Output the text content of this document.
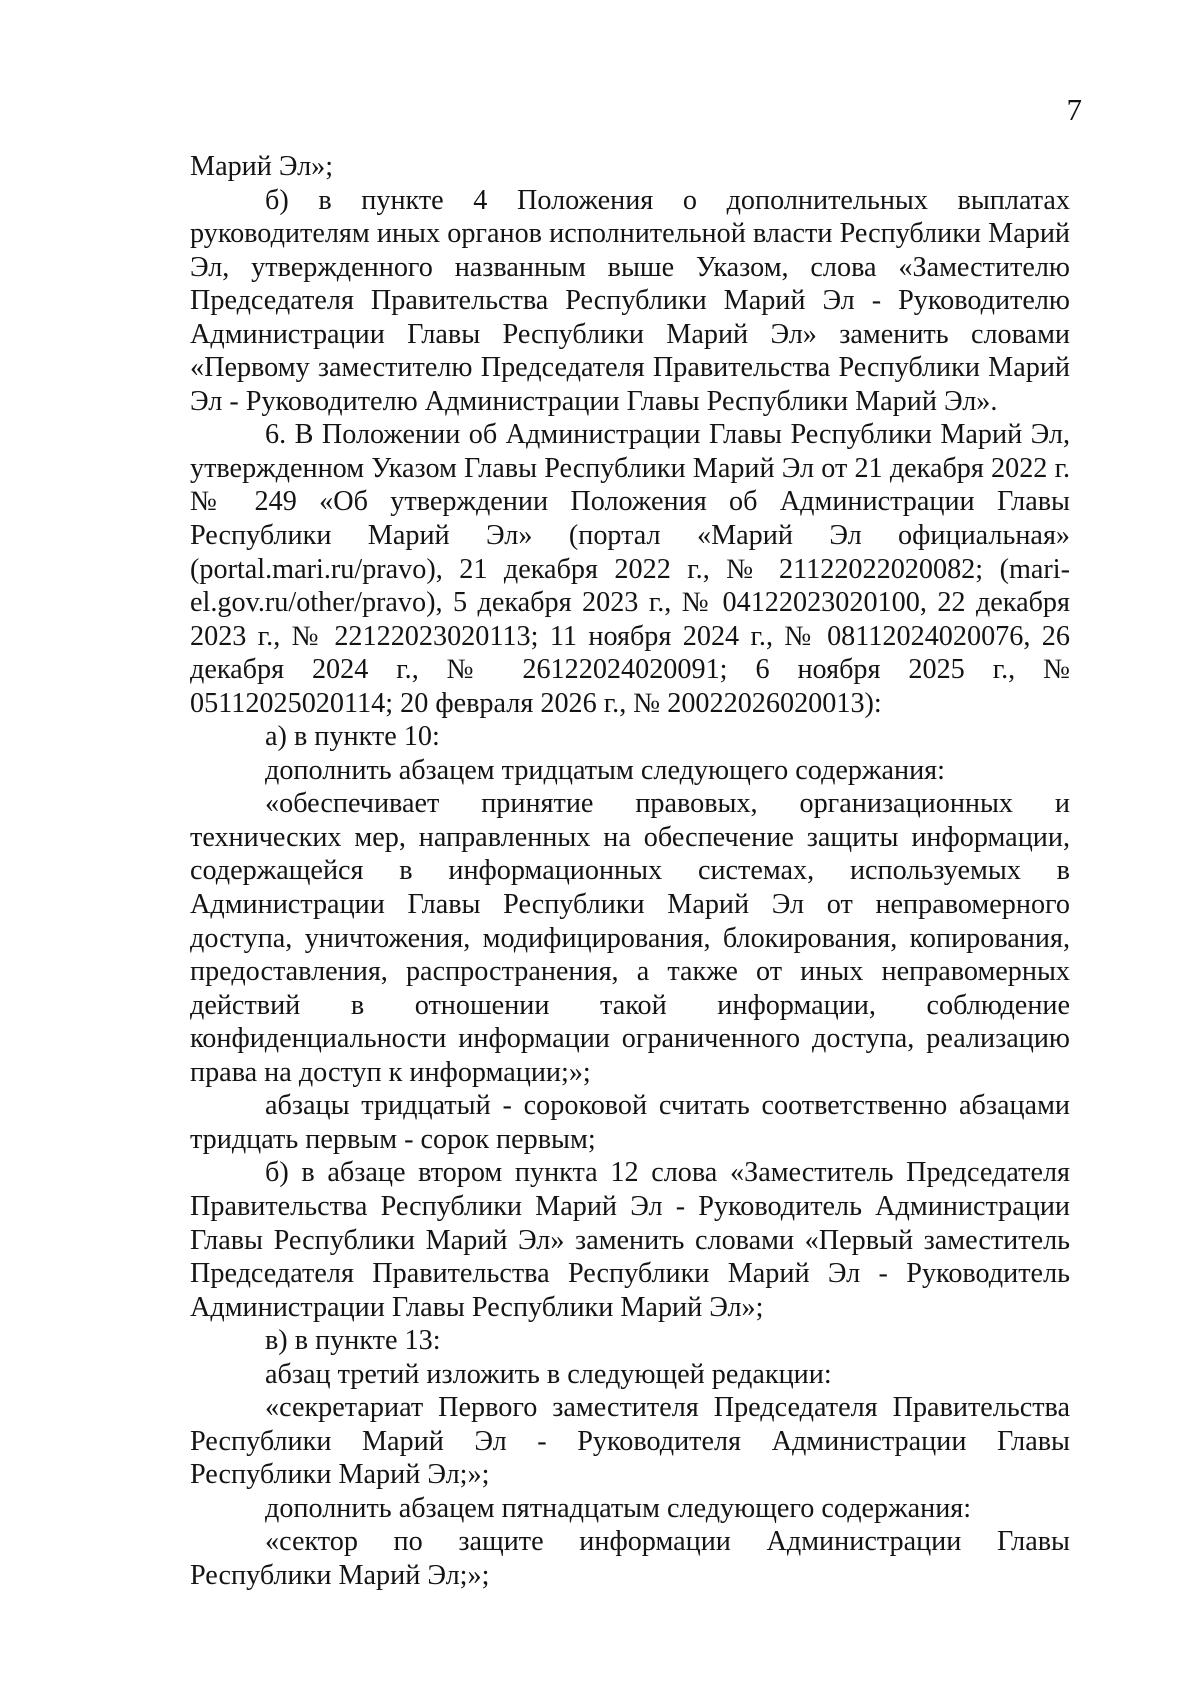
7

Марий Эл»;

б) в пункте 4 Положения о дополнительных выплатах руководителям иных органов исполнительной власти Республики Марий Эл, утвержденного названным выше Указом, слова «Заместителю Председателя Правительства Республики Марий Эл - Руководителю Администрации Главы Республики Марий Эл» заменить словами «Первому заместителю Председателя Правительства Республики Марий Эл - Руководителю Администрации Главы Республики Марий Эл».

6. В Положении об Администрации Главы Республики Марий Эл, утвержденном Указом Главы Республики Марий Эл от 21 декабря 2022 г. № 249 «Об утверждении Положения об Администрации Главы Республики Марий Эл» (портал «Марий Эл официальная» (portal.mari.ru/pravo), 21 декабря 2022 г., № 21122022020082; (mari-el.gov.ru/other/pravo), 5 декабря 2023 г., № 04122023020100, 22 декабря 2023 г., № 22122023020113; 11 ноября 2024 г., № 08112024020076, 26 декабря 2024 г., № 26122024020091; 6 ноября 2025 г., № 05112025020114; 20 февраля 2026 г., № 20022026020013):

а) в пункте 10:

дополнить абзацем тридцатым следующего содержания:

«обеспечивает принятие правовых, организационных и технических мер, направленных на обеспечение защиты информации, содержащейся в информационных системах, используемых в Администрации Главы Республики Марий Эл от неправомерного доступа, уничтожения, модифицирования, блокирования, копирования, предоставления, распространения, а также от иных неправомерных действий в отношении такой информации, соблюдение конфиденциальности информации ограниченного доступа, реализацию права на доступ к информации;»;

абзацы тридцатый - сороковой считать соответственно абзацами тридцать первым - сорок первым;

б) в абзаце втором пункта 12 слова «Заместитель Председателя Правительства Республики Марий Эл - Руководитель Администрации Главы Республики Марий Эл» заменить словами «Первый заместитель Председателя Правительства Республики Марий Эл - Руководитель Администрации Главы Республики Марий Эл»;

в) в пункте 13:

абзац третий изложить в следующей редакции:

«секретариат Первого заместителя Председателя Правительства Республики Марий Эл - Руководителя Администрации Главы Республики Марий Эл;»;

дополнить абзацем пятнадцатым следующего содержания:

«сектор по защите информации Администрации Главы Республики Марий Эл;»;
